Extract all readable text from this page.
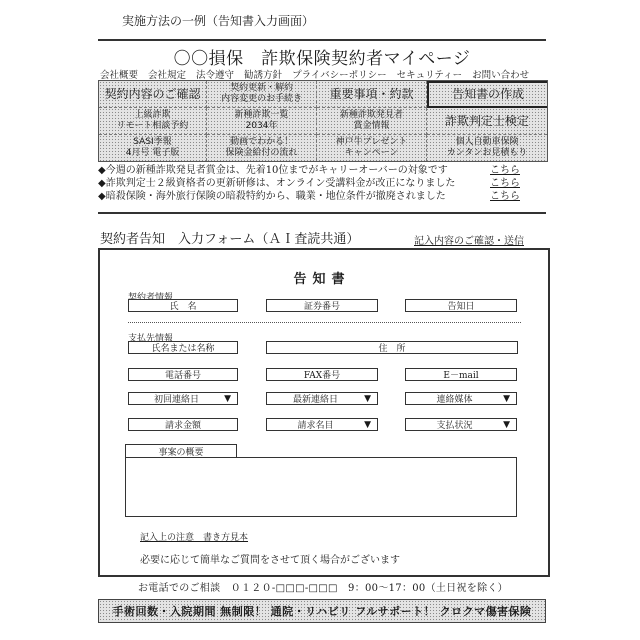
実施方法の一例（告知書入力画面）
〇〇損保　詐欺保険契約者マイページ
会社概要 会社規定 法令遵守 勧誘方針 プライバシーポリシー セキュリティー お問い合わせ
契約内容のご確認	契約更新・解約
内容変更のお手続き 重要事項・約款	告知書の作成
上級詐欺
リモート相談予約
新種詐欺一覧
2034年
新種詐欺発見者
賞金情報	詐欺判定士検定
SASI季報
4月号 電子版
動画でわかる！
保険金給付の流れ
神戸牛プレゼント
キャンペーン
個人自動車保険
カンタンお見積もり
◆今週の新種詐欺発見者賞金は、先着10位までがキャリーオーバーの対象です	こちら
◆詐欺判定士２級資格者の更新研修は、オンライン受講料金が改正になりました	こちら
◆暗殺保険・海外旅行保険の暗殺特約から、職業・地位条件が撤廃されました	こちら
契約者告知　入力フォーム（ＡＩ査読共通）	記入内容のご確認・送信
告知書
契約者情報
氏　名	証券番号	告知日
支払先情報
氏名または名称	住　所
電話番号	FAX番号	E－mail
初回連絡日	▼	最新連絡日	▼	連絡媒体	▼
請求金額	請求名目	▼	支払状況	▼
事案の概要
記入上の注意　書き方見本
必要に応じて簡単なご質問をさせて頂く場合がございます
お電話でのご相談　０１２０-□□□-□□□　9：00～17：00（土日祝を除く）
手術回数・入院期間 無制限！ 通院・リハビリ フルサポート！ クロクマ傷害保険
